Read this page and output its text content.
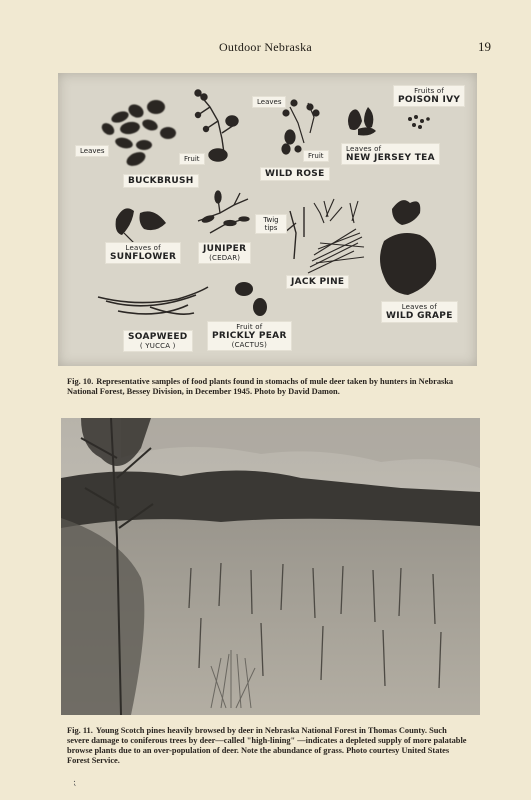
Outdoor Nebraska	19
Leaves
Fruit
BUCKBRUSH
Leaves
Fruit
WILD ROSE
Leaves of
NEW JERSEY TEA
Fruits of
POISON IVY
Leaves of
SUNFLOWER
JUNIPER
(CEDAR)
Twig tips
JACK PINE
Leaves of
WILD GRAPE
SOAPWEED
( YUCCA )
Fruit of
PRICKLY PEAR
(CACTUS)
Fig. 10. Representative samples of food plants found in stomachs of mule deer taken by hunters in Nebraska National Forest, Bessey Division, in December 1945. Photo by David Damon.
Fig. 11. Young Scotch pines heavily browsed by deer in Nebraska National Forest in Thomas County. Such severe damage to coniferous trees by deer—called "high-lining" —indicates a depleted supply of more palatable browse plants due to an over-population of deer. Note the abundance of grass. Photo courtesy United States Forest Service.
⁏
